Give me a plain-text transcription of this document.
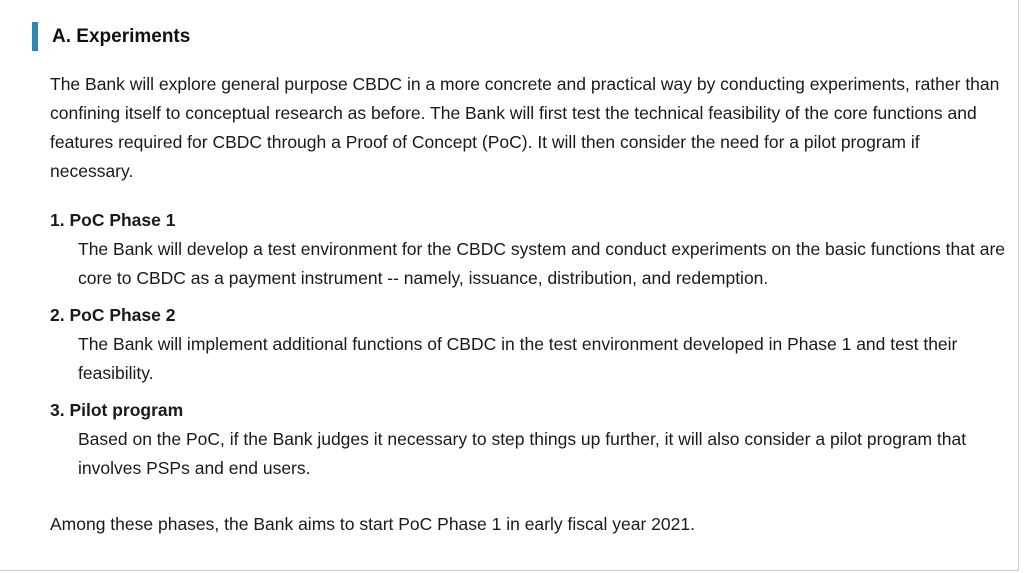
A. Experiments

The Bank will explore general purpose CBDC in a more concrete and practical way by conducting experiments, rather than confining itself to conceptual research as before. The Bank will first test the technical feasibility of the core functions and features required for CBDC through a Proof of Concept (PoC). It will then consider the need for a pilot program if necessary.

1. PoC Phase 1
The Bank will develop a test environment for the CBDC system and conduct experiments on the basic functions that are core to CBDC as a payment instrument -- namely, issuance, distribution, and redemption.
2. PoC Phase 2
The Bank will implement additional functions of CBDC in the test environment developed in Phase 1 and test their feasibility.
3. Pilot program
Based on the PoC, if the Bank judges it necessary to step things up further, it will also consider a pilot program that involves PSPs and end users.

Among these phases, the Bank aims to start PoC Phase 1 in early fiscal year 2021.
